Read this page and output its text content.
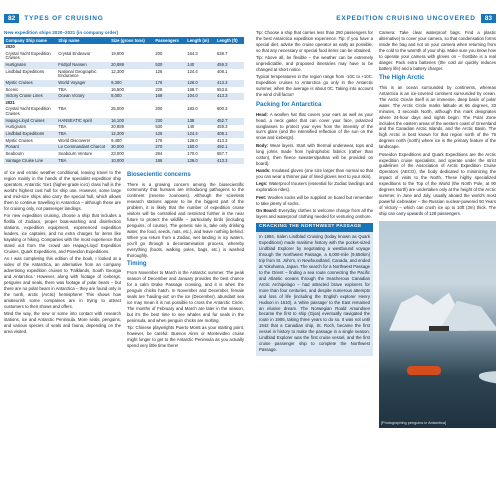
82	TYPES OF CRUISING	EXPEDITION CRUISING UNCOVERED	83
New expedition ships 2020–2021 (in company order)
Company Ship name	Ship name	Size (gross tons)	Passengers	Length (m)	Length (ft)
2020					
Crystal Yacht Expedition Cruises	Crystal Endeavor	19,800	200	164.3	538.7
Hurtigruten	Fridtjof Nansen	20,889	530	140	459.3
Lindblad Expeditions	National Geographic Endurance	12,300	126	124.4	408.1
Mystic Cruises	World Voyager	9,300	176	126.0	413.3
Scenic	TBA	16,500	228	168.7	553.6
Victory Cruise Lines	Ocean Victory	8,000	168	104.0	413.3
2021					
Crystal Yacht Expedition Cruises	TBA	25,000	200	183.0	600.3
Hapag-Lloyd Cruises	HANSEATIC spirit	16,100	230	138	452.7
Hurtigruten	TBA	20,889	530	140	459.3
Lindblad Expeditions	TBA	12,300	126	124.4	408.1
Mystic Cruises	World Discoverer	9,400	176	126.0	413.3
Ponant	Le Commandant Charcot	30,000	270	150.0	492.1
Seabourn	Seabourn Venture	23,000	264	170.0	557.7
Vantage Cruise Line	TBA	10,000	186	126.0	413.3

of ice and erratic weather conditional, leaving travel to the region mainly in the hands of the specialist expedition ship operators. Antarctic 'Ice1 (higher-grade ice1) class hull is the world's highest cost hull for ship use. However, some large and mid-size ships also carry the special hull, which allows them to continue travelling in Antarctica – although these are for cruising only, not passenger landings.

For new expedition cruising, choose a ship that includes a flotilla of Zodiacs, proper boat-washing and disinfection stations, expedition equipment, experienced expedition leaders, ice captains, and no extra charges for items like kayaking or hiking. Companies with the most experience that stand out from the crowd are Hapag-Lloyd Expedition Cruises, Quark Expeditions, and Poseidon Expeditions.

As I was completing this edition of the book, I looked at a video of the Antarctica, an alternative from an company advertising expedition cruises to 'Falklands, South Georgia and Antarctica.' However, along with footage of icebergs, penguins and seals, there was footage of polar bears – but there are no polar bears in Antarctica – they are found only in the north, arctic (Arctic) hemisphere! This shows how amateurish some companies are in trying to attract customers to their shows and offers.

Mind the way, the new or some into contact with research stations, ice and Antarctic Peninsula. More seals, penguins, and various species of seals and fauna, depending on the area visited.

Biosecientic concerns

There is a growing concern among the biosecientific community that humans are introducing pathogens to the continent (reverse zoonoses). Although the scientists research stations appear to be the biggest part of the problem, it is likely that the number of expedition cruise visitors will be controlled and restricted further in the near future to protect the wildlife – particularly birds (including penguins, of course). The genetic rule is, take only drinking water, the food, seeds, nuts, etc.), and leave nothing behind. When you return from a Zodiac, wet landing in icy waters, you'll go through a decontamination process, whereby everything (boots, walking poles, bags, etc.) is washed thoroughly.

Timing

From November to March is the Antarctic summer. The peak season of December and January provides the best chance for a calm Drake Passage crossing, and it is when the penguin chicks hatch. In November and December, female seals are 'hauling-out' on the ice (December), abundant sea ice may mean it is not possible to cross the Antarctic Circle. The months of February and March are later in the season, but it's the best time to see whales and fur seals in the peninsula, and when penguin chicks are molting.

Tip: Chinese playwrights Puerto Montt as your starting point, however, be careful: Buenos Aires or Montevideo cruise might longer to get to the Antarctic Peninsula as you actually spend very little time there!

Tip: Choose a ship that carries less than 250 passengers for the best Antarctica expedition experience. Tip: If you have a special diet, advise the cruise operator as early as possible, so that any necessary or special food items can be obtained.

Tip: Above all, be flexible – the weather can be extremely unpredictable, and proposed itineraries may have to be changed at short notice.

Typical temperatures in the region range from -10C to +10C. Expedition cruises to Antarctica go only in the Antarctic summer, when the average is about 0C. Taking into account the wind chill factor!

Packing for Antarctica

Head: A woollen hat that covers your ears as well as your head, a neck gaiter that can cover your face, polarized sunglasses to protect your eyes from the intensity of the sun's glare (and the intensified reflection of the sun on the snow and icebergs).

Body: Wear layers. Start with thermal underwear, tops and long johns made from hydrophobic fabrics (rather than cotton), then fleece sweaters/parkas will be provided on board).

Hands: Insulated gloves (one size larger than normal so that you can wear a thinner pair of lined gloves next to your skin).

Legs: Waterproof trousers (essential for Zodiac landings and exploration rides).

Feet: Woollen socks will be supplied on board but remember to take plenty of socks.

On Board: Everyday clothes to welcome change from all the layers and waterproof clothing needed for venturing onshore.

CRACKING THE NORTHWEST PASSAGE
In 1984, Salen Lindblad Cruising (today known as Quark Expeditions) made maritime history with the pocket-sized Lindblad Explorer by negotiating a westbound voyage through the Northwest Passage, a 6,000-mile (9,650km) trip from St. John's, in Newfoundland, Canada, and ended at Yokohama, Japan. The search for a Northwest Passage to the Orient – finding a sea route connecting the Pacific and Atlantic oceans through the treacherous Canadian Arctic Archipelago – had attracted brave explorers for more than four centuries, and despite numerous attempts and loss of life (including the English explorer Henry Hudson in 1610), a 'white passage' to the East remained an elusive dream. The Norwegian Roald Amundsen became the first to ship (Gjoa) eventually navigated the route in 1906, taking three years to do so. It was not until 1942 that a Canadian ship, St. Roch, became the first vessel in history to make the passage in a single season. Lindblad Explorer was the first cruise vessel, and the first cruise passenger ship to complete the Northwest Passage.

Camera: Take clear waterproof bags. Find a plastic alternative) to cover your camera, so that condensation forms inside the bag and not on your camera when returning from the cold to the warmth of your ship. Make sure you know how to operate your camera with gloves on – frostbite is a real danger. Pack extra batteries (the cold air quickly reduces battery life) and a battery charger.

The High Arctic

This is an ocean surrounded by continents, whereas Antarctica is an ice-covered continent surrounded by ocean. The Arctic Ocean itself is an immense, deep basin of polar water. The Arctic Circle marks latitude at 66 degrees, 33 minutes, 3 seconds North, although this mark designates where 24-hour days and nights begin. The Polar Zone includes the eastern areas of the western coast of Greenland and the Canadian Arctic Islands, and the Arctic Basin. The high Arctic is best known for that region north of the 75 degrees north (north) where ice is the primary feature of the landscape.

Poseidon Expeditions and Quark Expeditions are the Arctic expedition cruise specialists, and operate under the strict guidelines of the Association of Arctic Expedition Cruise Operators (AECO), the body dedicated to minimizing the impact of visits to the North. These highly specialized expeditions to the Top of the World (the North Pole, at 90 degrees North) are undertaken only at the height of the Arctic summer, in June and July, usually aboard the world's most powerful icebreaker – the Russian nuclear-powered 50 Years of Victory – which can crush ice up to 10ft (3m) thick. The ship can carry upwards of 128 passengers.

[Photographing penguins in Antarctica]
